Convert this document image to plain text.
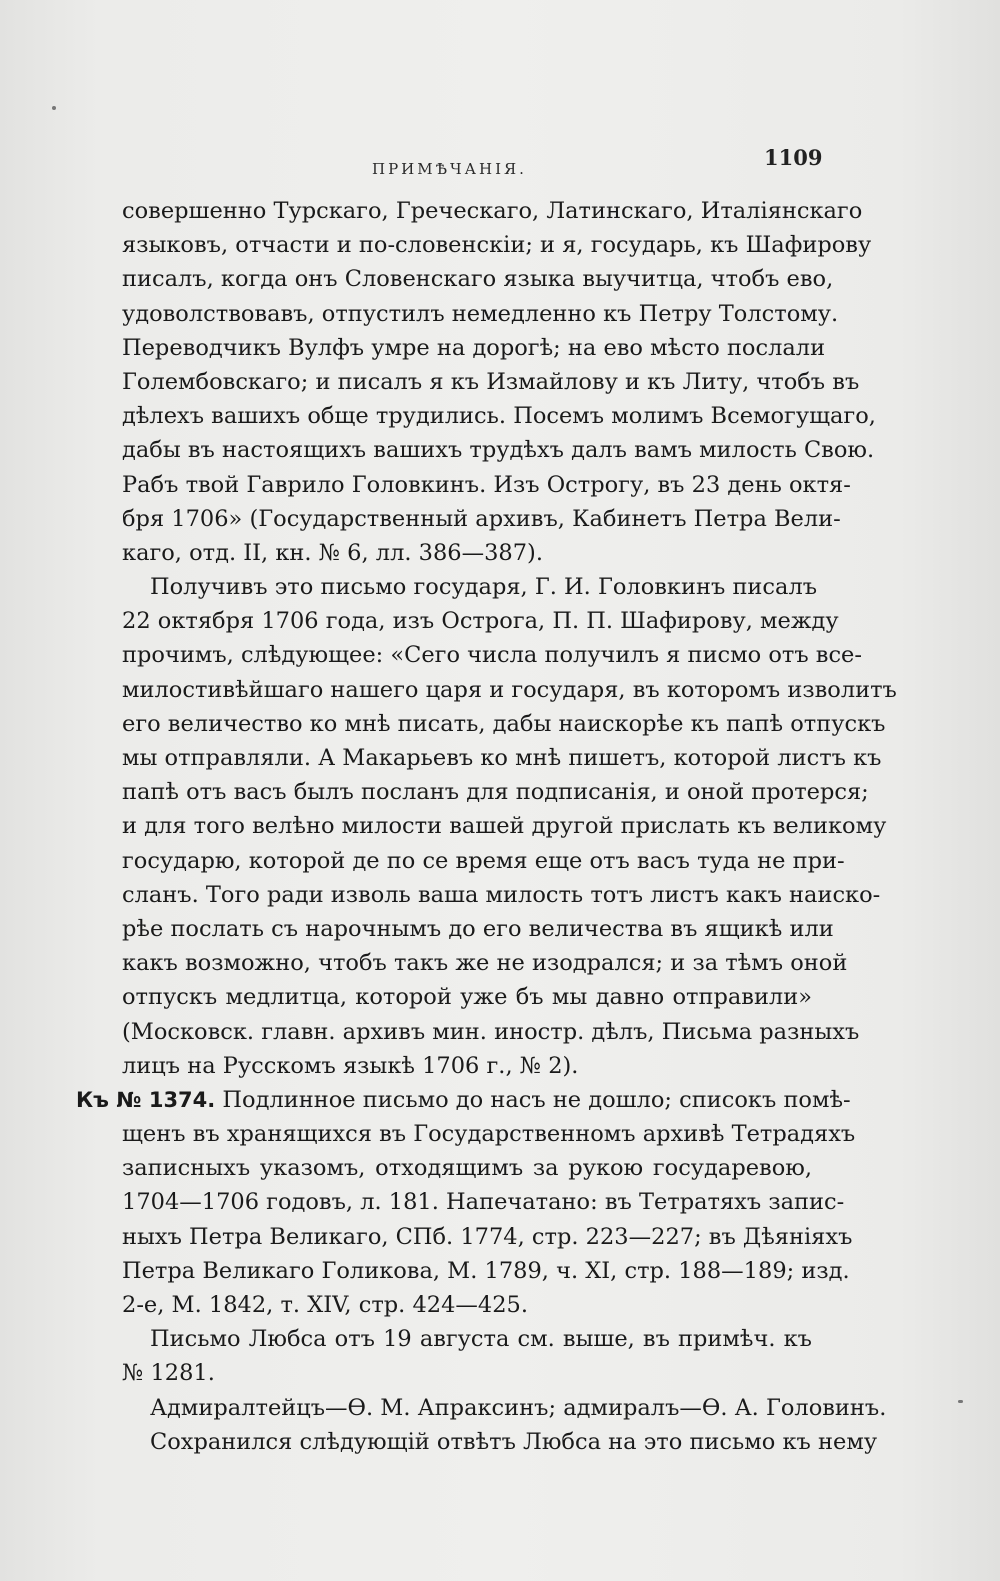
ПРИМѢЧАНІЯ.	1109
совершенно Турскаго, Греческаго, Латинскаго, Италіянскаго
языковъ, отчасти и по-словенскіи; и я, государь, къ Шафирову
писалъ, когда онъ Словенскаго языка выучитца, чтобъ ево,
удоволствовавъ, отпустилъ немедленно къ Петру Толстому.
Переводчикъ Вулфъ умре на дорогѣ; на ево мѣсто послали
Голембовскаго; и писалъ я къ Измайлову и къ Литу, чтобъ въ
дѣлехъ вашихъ обще трудились. Посемъ молимъ Всемогущаго,
дабы въ настоящихъ вашихъ трудѣхъ далъ вамъ милость Свою.
Рабъ твой Гаврило Головкинъ. Изъ Острогу, въ 23 день октя-
бря 1706» (Государственный архивъ, Кабинетъ Петра Вели-
каго, отд. II, кн. № 6, лл. 386—387).
Получивъ это письмо государя, Г. И. Головкинъ писалъ
22 октября 1706 года, изъ Острога, П. П. Шафирову, между
прочимъ, слѣдующее: «Сего числа получилъ я писмо отъ все-
милостивѣйшаго нашего царя и государя, въ которомъ изволитъ
его величество ко мнѣ писать, дабы наискорѣе къ папѣ отпускъ
мы отправляли. А Макарьевъ ко мнѣ пишетъ, которой листъ къ
папѣ отъ васъ былъ посланъ для подписанія, и оной протерся;
и для того велѣно милости вашей другой прислать къ великому
государю, которой де по се время еще отъ васъ туда не при-
сланъ. Того ради изволь ваша милость тотъ листъ какъ наиско-
рѣе послать съ нарочнымъ до его величества въ ящикѣ или
какъ возможно, чтобъ такъ же не изодрался; и за тѣмъ оной
отпускъ медлитца, которой уже бъ мы давно отправили»
(Московск. главн. архивъ мин. иностр. дѣлъ, Письма разныхъ
лицъ на Русскомъ языкѣ 1706 г., № 2).
Къ № 1374. Подлинное письмо до насъ не дошло; списокъ помѣ-
щенъ въ хранящихся въ Государственномъ архивѣ Тетрадяхъ
записныхъ указомъ, отходящимъ за рукою государевою,
1704—1706 годовъ, л. 181. Напечатано: въ Тетратяхъ запис-
ныхъ Петра Великаго, СПб. 1774, стр. 223—227; въ Дѣяніяхъ
Петра Великаго Голикова, М. 1789, ч. XI, стр. 188—189; изд.
2-е, М. 1842, т. XIV, стр. 424—425.
Письмо Любса отъ 19 августа см. выше, въ примѣч. къ
№ 1281.
Адмиралтейцъ—Ѳ. М. Апраксинъ; адмиралъ—Ѳ. А. Головинъ.
Сохранился слѣдующій отвѣтъ Любса на это письмо къ нему
